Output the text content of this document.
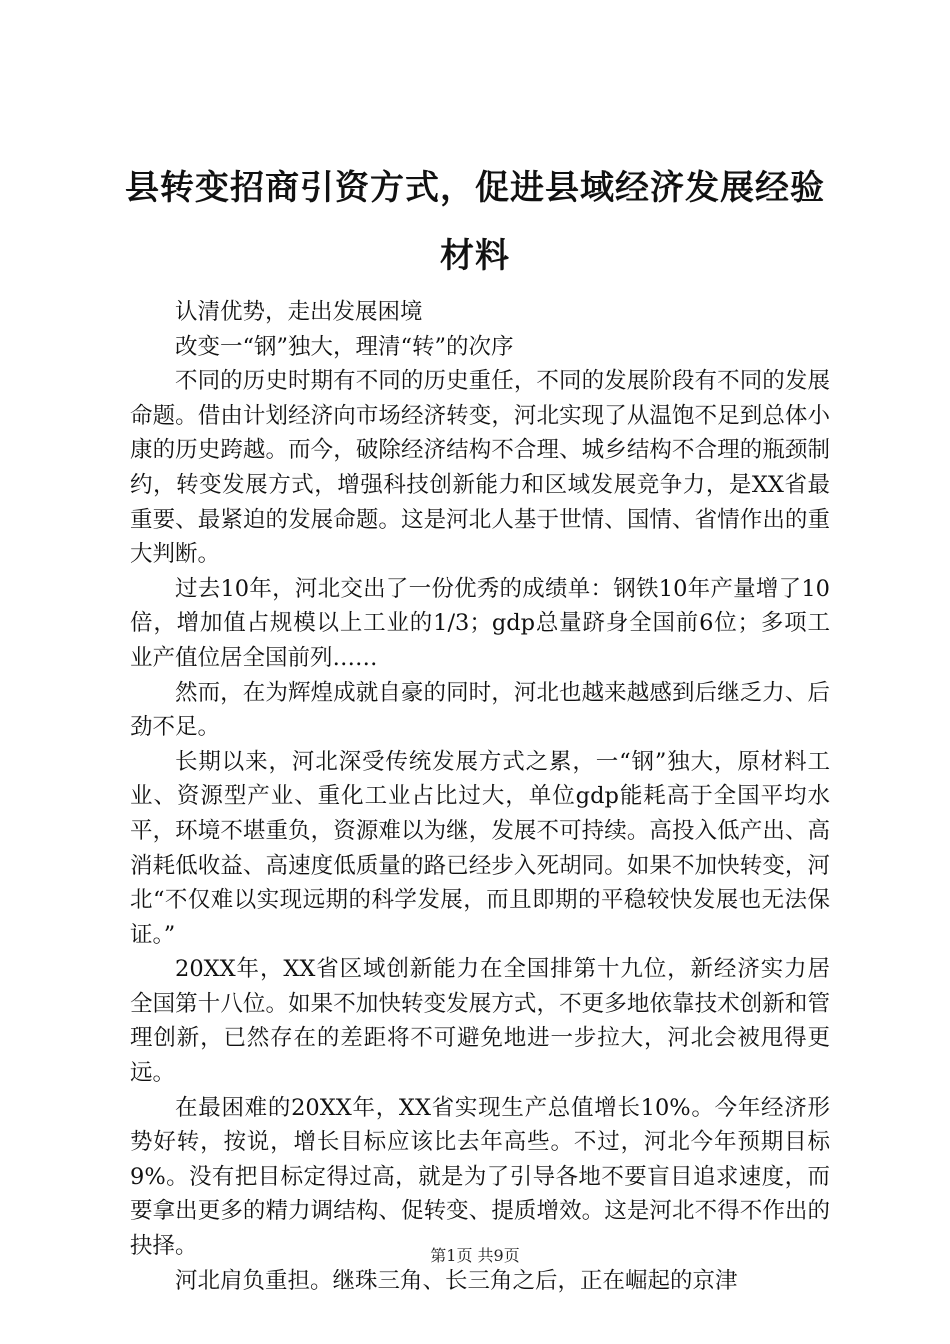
县转变招商引资方式，促进县域经济发展经验材料

认清优势，走出发展困境

改变一“钢”独大，理清“转”的次序

不同的历史时期有不同的历史重任，不同的发展阶段有不同的发展命题。借由计划经济向市场经济转变，河北实现了从温饱不足到总体小康的历史跨越。而今，破除经济结构不合理、城乡结构不合理的瓶颈制约，转变发展方式，增强科技创新能力和区域发展竞争力，是XX省最重要、最紧迫的发展命题。这是河北人基于世情、国情、省情作出的重大判断。

过去10年，河北交出了一份优秀的成绩单：钢铁10年产量增了10倍，增加值占规模以上工业的1/3；gdp总量跻身全国前6位；多项工业产值位居全国前列……

然而，在为辉煌成就自豪的同时，河北也越来越感到后继乏力、后劲不足。

长期以来，河北深受传统发展方式之累，一“钢”独大，原材料工业、资源型产业、重化工业占比过大，单位gdp能耗高于全国平均水平，环境不堪重负，资源难以为继，发展不可持续。高投入低产出、高消耗低收益、高速度低质量的路已经步入死胡同。如果不加快转变，河北“不仅难以实现远期的科学发展，而且即期的平稳较快发展也无法保证。”

20XX年，XX省区域创新能力在全国排第十九位，新经济实力居全国第十八位。如果不加快转变发展方式，不更多地依靠技术创新和管理创新，已然存在的差距将不可避免地进一步拉大，河北会被甩得更远。

在最困难的20XX年，XX省实现生产总值增长10%。今年经济形势好转，按说，增长目标应该比去年高些。不过，河北今年预期目标9%。没有把目标定得过高，就是为了引导各地不要盲目追求速度，而要拿出更多的精力调结构、促转变、提质增效。这是河北不得不作出的抉择。

河北肩负重担。继珠三角、长三角之后，正在崛起的京津

第1页 共9页
